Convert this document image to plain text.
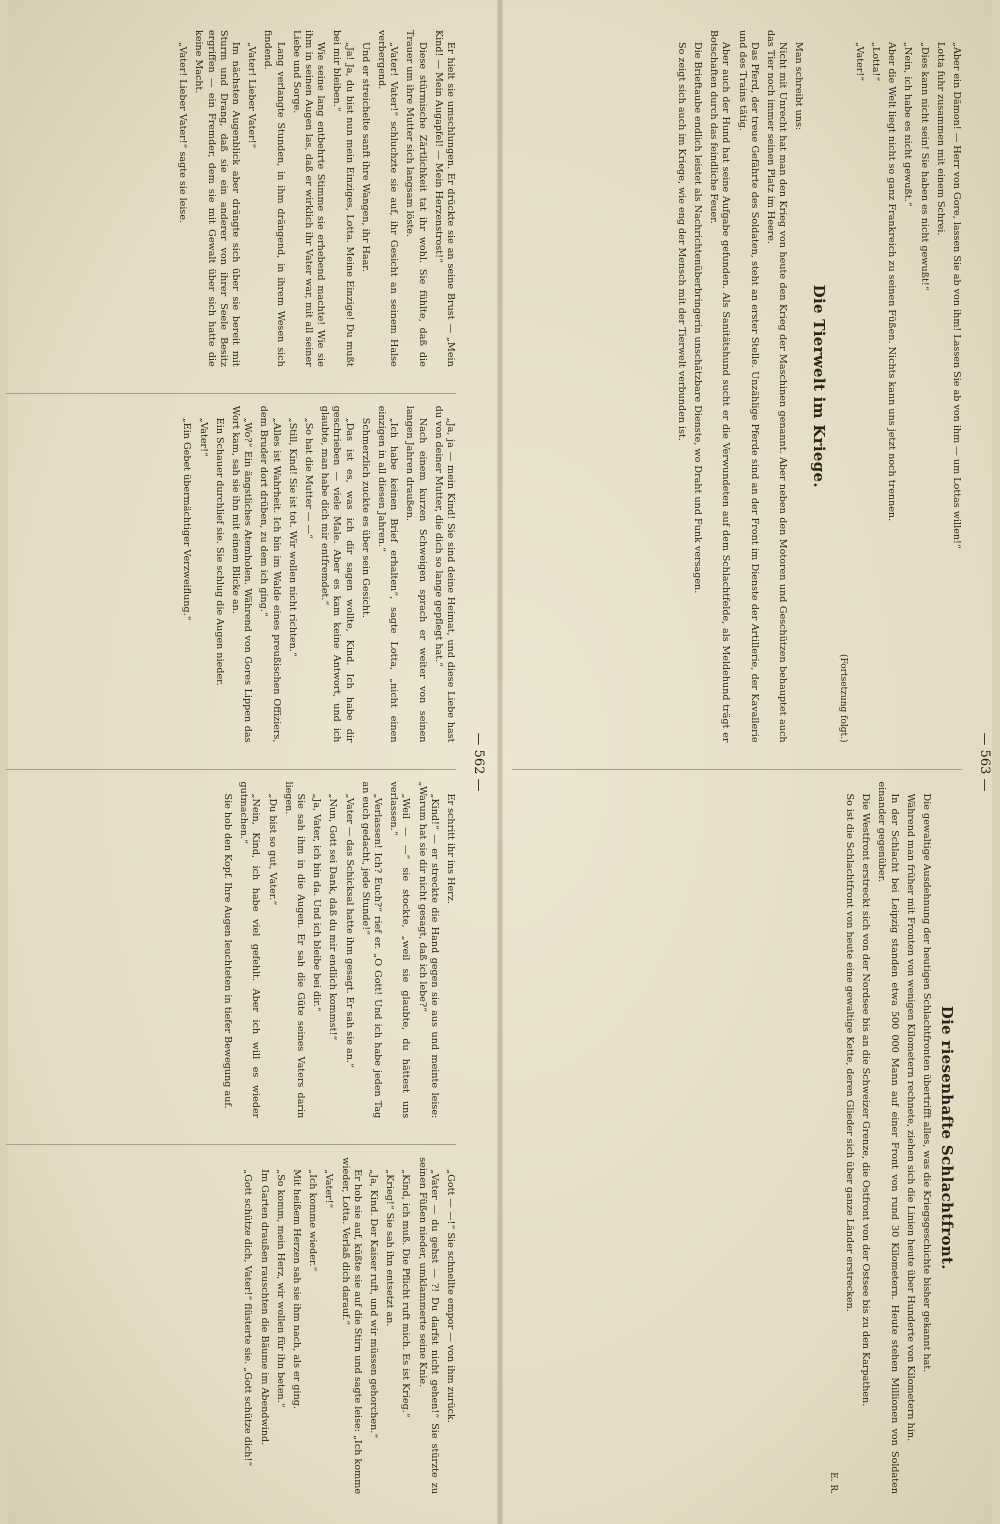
— 562 —

Er hielt sie umschlungen. Er drückte sie an seine Brust — „Mein Kind! — Mein Augapfel! — Mein Herzenstrost!“

Diese stürmische Zärtlichkeit tat ihr wohl. Sie fühlte, daß die Trauer um ihre Mutter sich langsam löste.

„Vater! Vater!“ schluchzte sie auf, ihr Gesicht an seinem Halse verbergend.

Und er streichelte sanft ihre Wangen, ihr Haar.

„Ja! Ja, du bist nun mein Einziges, Lotta. Meine Einzige! Du mußt bei mir bleiben.“

Wie seine lang entbehrte Stimme sie erhebend machte! Wie sie ihm in seinen Augen las, daß er wirklich ihr Vater war, mit all seiner Liebe und Sorge.

Lang verlangte Stunden, in ihm drängend, in ihrem Wesen sich findend.

„Vater! Lieber Vater!“

Im nächsten Augenblick aber drängte sich über sie bereit mit Sturm und Drang, daß sie ein anderer von ihrer Seele Besitz ergriffen — ein Fremder, dem sie mit Gewalt über sich hatte die keine Macht.

„Vater! Lieber Vater!“ sagte sie leise.

„Ja, ja — mein Kind! Sie sind deine Heimat, und diese Liebe hast du von deiner Mutter, die dich so lange gepflegt hat.“

Nach einem kurzen Schweigen sprach er weiter von seinen langen Jahren draußen.

„Ich habe keinen Brief erhalten“, sagte Lotta, „nicht einen einzigen in all diesen Jahren.“

Schmerzlich zuckte es über sein Gesicht.

„Das ist es, was ich dir sagen wollte, Kind. Ich habe dir geschrieben — viele Male. Aber es kam keine Antwort, und ich glaubte, man habe dich mir entfremdet.“

„So hat die Mutter — —“

„Still, Kind! Sie ist tot. Wir wollen nicht richten.“

„Alles ist Wahrheit. Ich bin im Walde eines preußischen Offiziers, dem Bruder dort drüben, zu dem ich ging.“

„Wo?“ Ein ängstliches Atemholen. Während von Gores Lippen das Wort kam, sah sie ihn mit einem Blicke an.

Ein Schauer durchlief sie. Sie schlug die Augen nieder.

„Vater!“

„Ein Gebet übermächtiger Verzweiflung.“

Er schritt ihr ins Herz.

„Kind!“ — er streckte die Hand gegen sie aus und meinte leise: „Warum hat sie dir nicht gesagt, daß ich lebe?“

„Weil — —“ sie stockte, „weil sie glaubte, du hättest uns verlassen.“

„Verlassen! Ich? Euch?“ rief er. „O Gott! Und ich habe jeden Tag an euch gedacht, jede Stunde!“

„Vater — das Schicksal hatte ihm gesagt. Er sah sie an.“

„Nun, Gott sei Dank, daß du mir endlich kommst!“

„Ja, Vater, ich bin da. Und ich bleibe bei dir.“

Sie sah ihm in die Augen. Er sah die Güte seines Vaters darin liegen.

„Du bist so gut, Vater.“

„Nein, Kind, ich habe viel gefehlt. Aber ich will es wieder gutmachen.“

Sie hob den Kopf. Ihre Augen leuchteten in tiefer Bewegung auf.

„Gott — —!“ Sie schnellte empor — von ihm zurück.

„Vater — du gehst — ?! Du darfst nicht gehen!“ Sie stürzte zu seinen Füßen nieder, umklammerte seine Knie.

„Kind, ich muß. Die Pflicht ruft mich. Es ist Krieg.“

„Krieg!“ Sie sah ihn entsetzt an.

„Ja, Kind. Der Kaiser ruft, und wir müssen gehorchen.“

Er hob sie auf, küßte sie auf die Stirn und sagte leise: „Ich komme wieder, Lotta. Verlaß dich darauf.“

„Vater!“

„Ich komme wieder.“

Mit heißem Herzen sah sie ihm nach, als er ging.

„So komm, mein Herz, wir wollen für ihn beten.“

Im Garten draußen rauschten die Bäume im Abendwind.

„Gott schütze dich, Vater!“ flüsterte sie. „Gott schütze dich!“

— 563 —

„Aber ein Dämon! — Herr von Gore, lassen Sie ab von ihm! Lassen Sie ab von ihm — um Lottas willen!“

Lotta fuhr zusammen mit einem Schrei.

„Dies kann nicht sein! Sie haben es nicht gewußt!“

„Nein, ich habe es nicht gewußt.“

Aber die Welt liegt nicht so ganz Frankreich zu seinen Füßen. Nichts kann uns jetzt noch trennen.

„Lotta!“

„Vater!“

(Fortsetzung folgt.)
Die Tierwelt im Kriege.

Man schreibt uns:

Nicht mit Unrecht hat man den Krieg von heute den Krieg der Maschinen genannt. Aber neben den Motoren und Geschützen behauptet auch das Tier noch immer seinen Platz im Heere.

Das Pferd, der treue Gefährte des Soldaten, steht an erster Stelle. Unzählige Pferde sind an der Front im Dienste der Artillerie, der Kavallerie und des Trains tätig.

Aber auch der Hund hat seine Aufgabe gefunden. Als Sanitätshund sucht er die Verwundeten auf dem Schlachtfelde, als Meldehund trägt er Botschaften durch das feindliche Feuer.

Die Brieftaube endlich leistet als Nachrichtenüberbringerin unschätzbare Dienste, wo Draht und Funk versagen.

So zeigt sich auch im Kriege, wie eng der Mensch mit der Tierwelt verbunden ist.

Die riesenhafte Schlachtfront.

Die gewaltige Ausdehnung der heutigen Schlachtfronten übertrifft alles, was die Kriegsgeschichte bisher gekannt hat.

Während man früher mit Fronten von wenigen Kilometern rechnete, ziehen sich die Linien heute über Hunderte von Kilometern hin.

In der Schlacht bei Leipzig standen etwa 500 000 Mann auf einer Front von rund 30 Kilometern. Heute stehen Millionen von Soldaten einander gegenüber.

Die Westfront erstreckt sich von der Nordsee bis an die Schweizer Grenze, die Ostfront von der Ostsee bis zu den Karpathen.

So ist die Schlachtfront von heute eine gewaltige Kette, deren Glieder sich über ganze Länder erstrecken.

E. R.
